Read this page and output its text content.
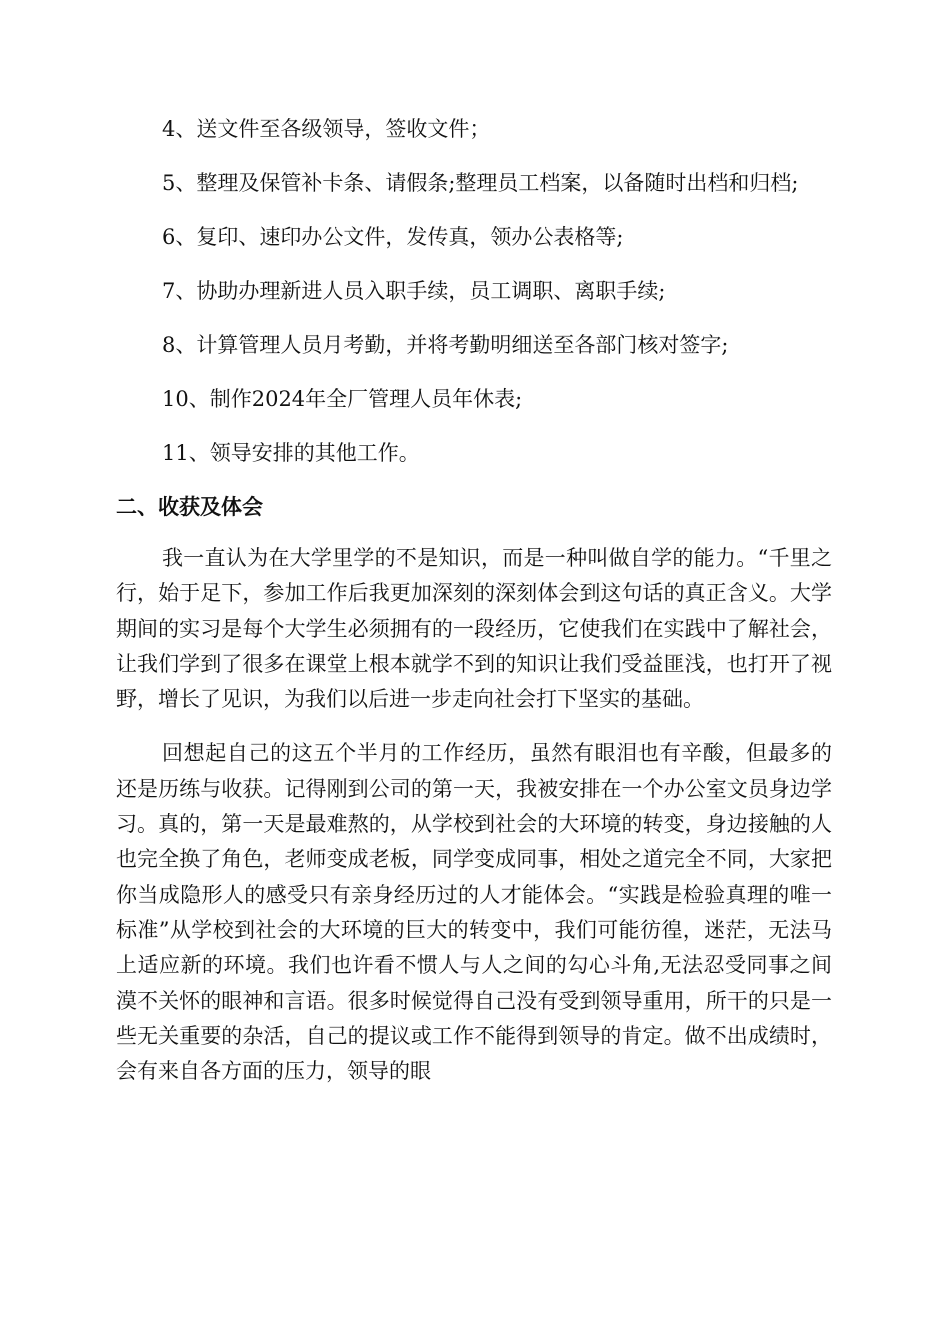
4、送文件至各级领导，签收文件；

5、整理及保管补卡条、请假条;整理员工档案，以备随时出档和归档;

6、复印、速印办公文件，发传真，领办公表格等;

7、协助办理新进人员入职手续，员工调职、离职手续;

8、计算管理人员月考勤，并将考勤明细送至各部门核对签字;

10、制作2024年全厂管理人员年休表;

11、领导安排的其他工作。

二、收获及体会

我一直认为在大学里学的不是知识，而是一种叫做自学的能力。“千里之行，始于足下，参加工作后我更加深刻的深刻体会到这句话的真正含义。大学期间的实习是每个大学生必须拥有的一段经历，它使我们在实践中了解社会，让我们学到了很多在课堂上根本就学不到的知识让我们受益匪浅，也打开了视野，增长了见识，为我们以后进一步走向社会打下坚实的基础。

回想起自己的这五个半月的工作经历，虽然有眼泪也有辛酸，但最多的还是历练与收获。记得刚到公司的第一天，我被安排在一个办公室文员身边学习。真的，第一天是最难熬的，从学校到社会的大环境的转变，身边接触的人也完全换了角色，老师变成老板，同学变成同事，相处之道完全不同，大家把你当成隐形人的感受只有亲身经历过的人才能体会。“实践是检验真理的唯一标准”从学校到社会的大环境的巨大的转变中，我们可能彷徨，迷茫，无法马上适应新的环境。我们也许看不惯人与人之间的勾心斗角,无法忍受同事之间漠不关怀的眼神和言语。很多时候觉得自己没有受到领导重用，所干的只是一些无关重要的杂活，自己的提议或工作不能得到领导的肯定。做不出成绩时，会有来自各方面的压力，领导的眼
